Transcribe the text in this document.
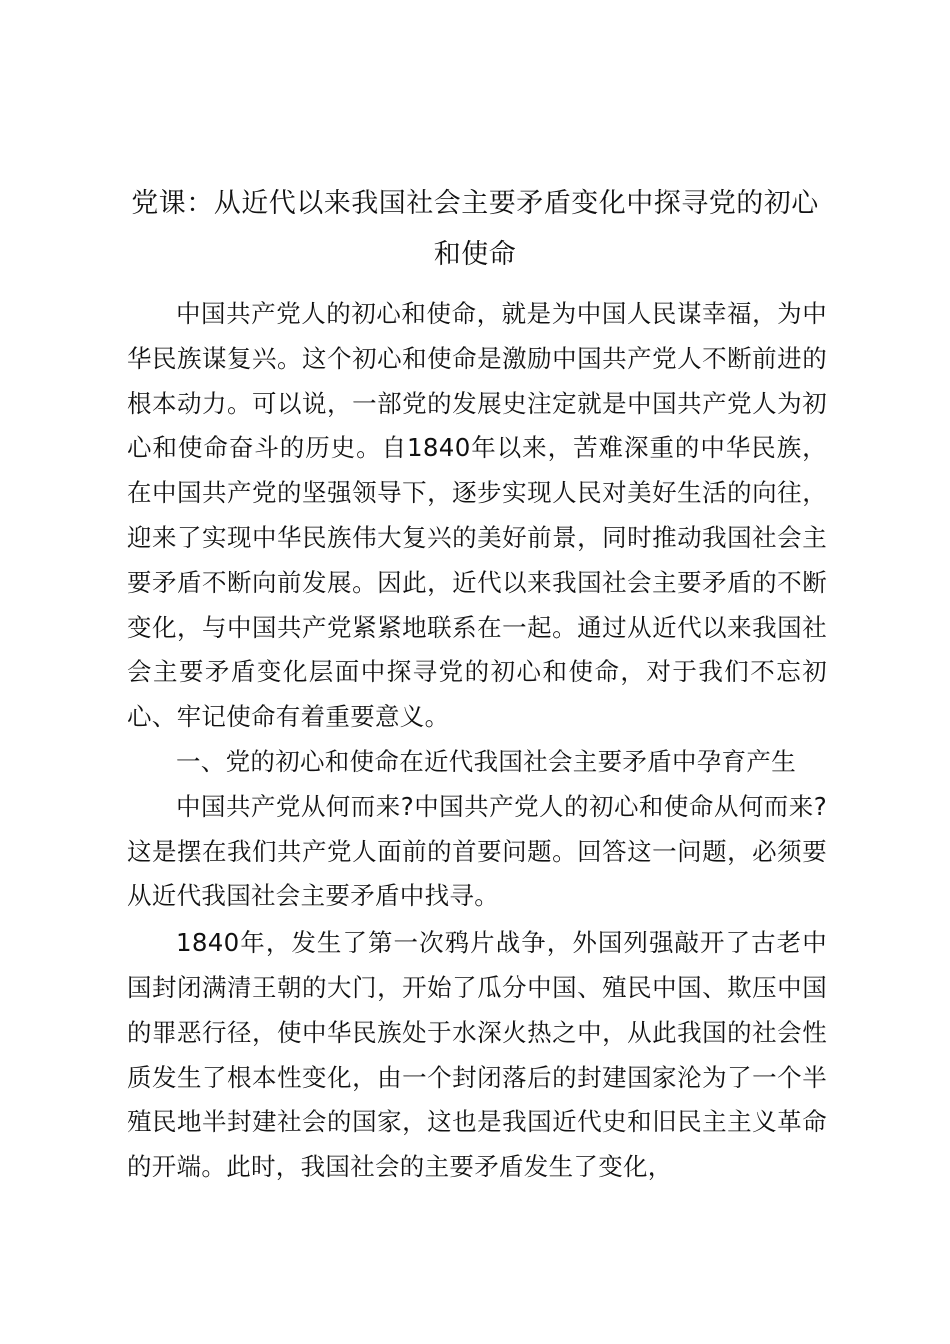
党课：从近代以来我国社会主要矛盾变化中探寻党的初心和使命

中国共产党人的初心和使命，就是为中国人民谋幸福，为中华民族谋复兴。这个初心和使命是激励中国共产党人不断前进的根本动力。可以说，一部党的发展史注定就是中国共产党人为初心和使命奋斗的历史。自1840年以来，苦难深重的中华民族，在中国共产党的坚强领导下，逐步实现人民对美好生活的向往，迎来了实现中华民族伟大复兴的美好前景，同时推动我国社会主要矛盾不断向前发展。因此，近代以来我国社会主要矛盾的不断变化，与中国共产党紧紧地联系在一起。通过从近代以来我国社会主要矛盾变化层面中探寻党的初心和使命，对于我们不忘初心、牢记使命有着重要意义。

一、党的初心和使命在近代我国社会主要矛盾中孕育产生

中国共产党从何而来?中国共产党人的初心和使命从何而来?这是摆在我们共产党人面前的首要问题。回答这一问题，必须要从近代我国社会主要矛盾中找寻。

1840年，发生了第一次鸦片战争，外国列强敲开了古老中国封闭满清王朝的大门，开始了瓜分中国、殖民中国、欺压中国的罪恶行径，使中华民族处于水深火热之中，从此我国的社会性质发生了根本性变化，由一个封闭落后的封建国家沦为了一个半殖民地半封建社会的国家，这也是我国近代史和旧民主主义革命的开端。此时，我国社会的主要矛盾发生了变化，
